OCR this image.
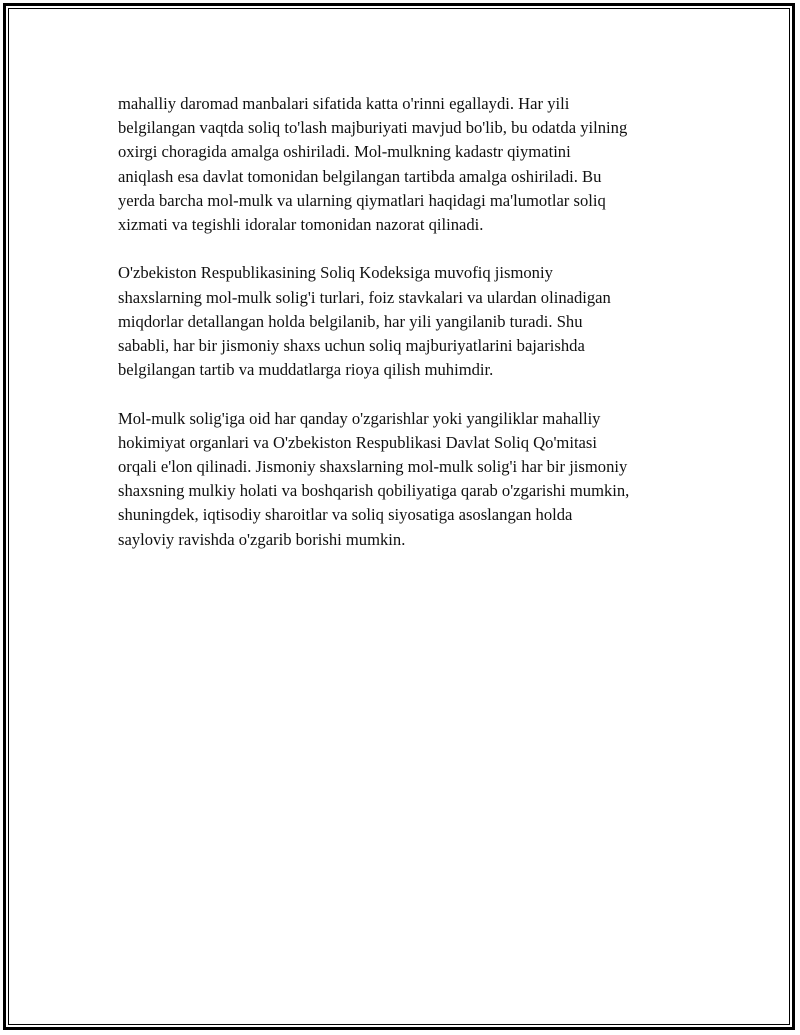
mahalliy daromad manbalari sifatida katta o'rinni egallaydi. Har yili
belgilangan vaqtda soliq to'lash majburiyati mavjud bo'lib, bu odatda yilning
oxirgi choragida amalga oshiriladi. Mol-mulkning kadastr qiymatini
aniqlash esa davlat tomonidan belgilangan tartibda amalga oshiriladi. Bu
yerda barcha mol-mulk va ularning qiymatlari haqidagi ma'lumotlar soliq
xizmati va tegishli idoralar tomonidan nazorat qilinadi.

O'zbekiston Respublikasining Soliq Kodeksiga muvofiq jismoniy
shaxslarning mol-mulk solig'i turlari, foiz stavkalari va ulardan olinadigan
miqdorlar detallangan holda belgilanib, har yili yangilanib turadi. Shu
sababli, har bir jismoniy shaxs uchun soliq majburiyatlarini bajarishda
belgilangan tartib va muddatlarga rioya qilish muhimdir.

Mol-mulk solig'iga oid har qanday o'zgarishlar yoki yangiliklar mahalliy
hokimiyat organlari va O'zbekiston Respublikasi Davlat Soliq Qo'mitasi
orqali e'lon qilinadi. Jismoniy shaxslarning mol-mulk solig'i har bir jismoniy
shaxsning mulkiy holati va boshqarish qobiliyatiga qarab o'zgarishi mumkin,
shuningdek, iqtisodiy sharoitlar va soliq siyosatiga asoslangan holda
sayloviy ravishda o'zgarib borishi mumkin.
